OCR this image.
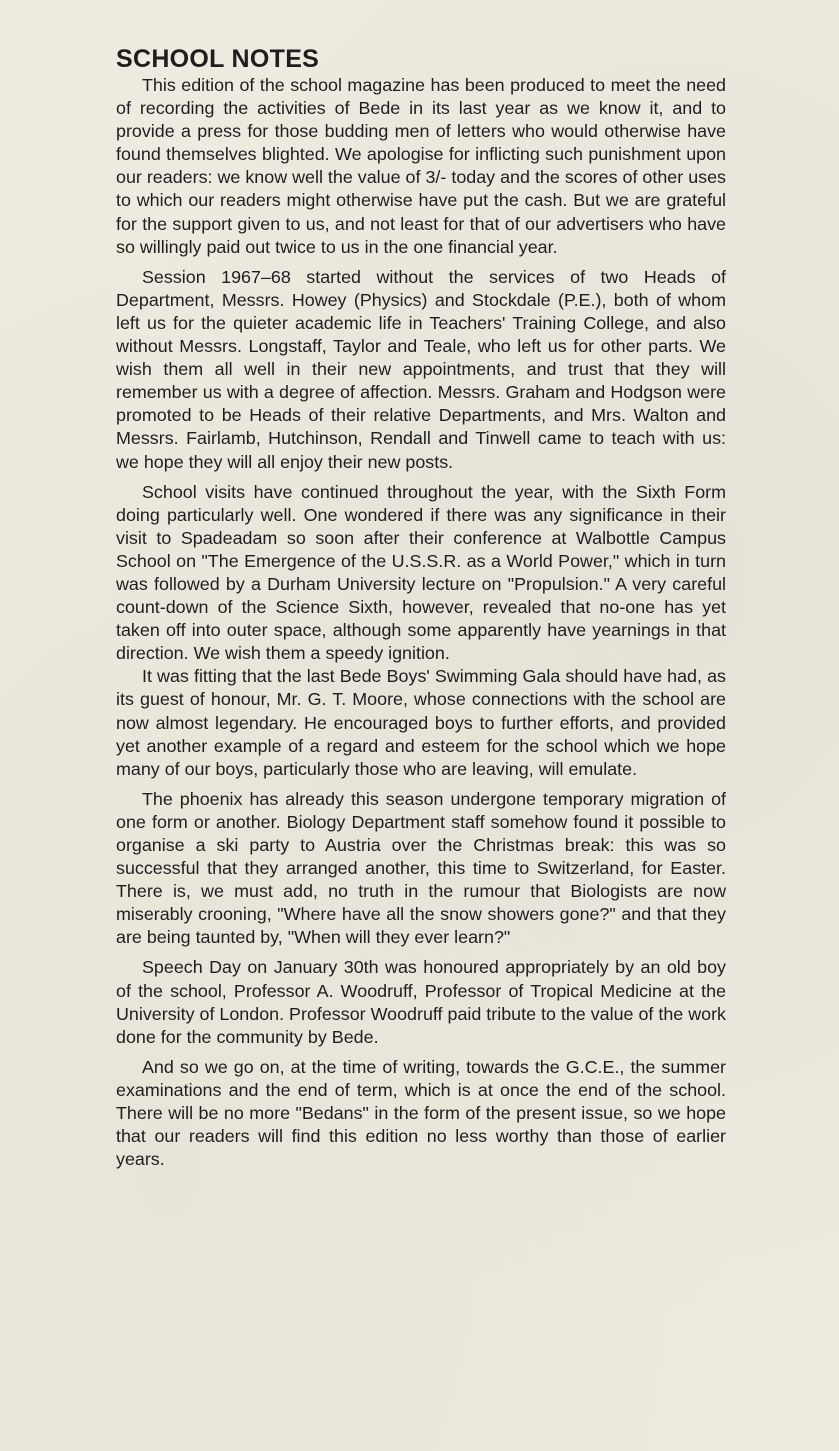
SCHOOL NOTES

This edition of the school magazine has been produced to meet the need of recording the activities of Bede in its last year as we know it, and to provide a press for those budding men of letters who would otherwise have found themselves blighted. We apologise for inflicting such punishment upon our readers: we know well the value of 3/- today and the scores of other uses to which our readers might otherwise have put the cash. But we are grateful for the support given to us, and not least for that of our advertisers who have so willingly paid out twice to us in the one financial year.

Session 1967–68 started without the services of two Heads of Department, Messrs. Howey (Physics) and Stockdale (P.E.), both of whom left us for the quieter academic life in Teachers' Training College, and also without Messrs. Longstaff, Taylor and Teale, who left us for other parts. We wish them all well in their new appointments, and trust that they will remember us with a degree of affection. Messrs. Graham and Hodgson were promoted to be Heads of their relative Departments, and Mrs. Walton and Messrs. Fairlamb, Hutchinson, Rendall and Tinwell came to teach with us: we hope they will all enjoy their new posts.

School visits have continued throughout the year, with the Sixth Form doing particularly well. One wondered if there was any significance in their visit to Spadeadam so soon after their conference at Walbottle Campus School on "The Emergence of the U.S.S.R. as a World Power," which in turn was followed by a Durham University lecture on "Propulsion." A very careful count-down of the Science Sixth, however, revealed that no-one has yet taken off into outer space, although some apparently have yearnings in that direction. We wish them a speedy ignition.

It was fitting that the last Bede Boys' Swimming Gala should have had, as its guest of honour, Mr. G. T. Moore, whose connections with the school are now almost legendary. He encouraged boys to further efforts, and provided yet another example of a regard and esteem for the school which we hope many of our boys, particularly those who are leaving, will emulate.

The phoenix has already this season undergone temporary migration of one form or another. Biology Department staff somehow found it possible to organise a ski party to Austria over the Christmas break: this was so successful that they arranged another, this time to Switzerland, for Easter. There is, we must add, no truth in the rumour that Biologists are now miserably crooning, "Where have all the snow showers gone?" and that they are being taunted by, "When will they ever learn?"

Speech Day on January 30th was honoured appropriately by an old boy of the school, Professor A. Woodruff, Professor of Tropical Medicine at the University of London. Professor Woodruff paid tribute to the value of the work done for the community by Bede.

And so we go on, at the time of writing, towards the G.C.E., the summer examinations and the end of term, which is at once the end of the school. There will be no more "Bedans" in the form of the present issue, so we hope that our readers will find this edition no less worthy than those of earlier years.
